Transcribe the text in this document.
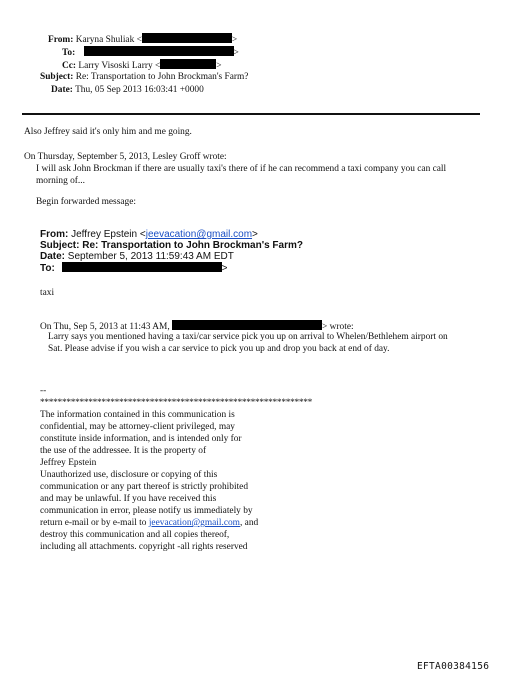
From: Karyna Shuliak <	>
To:	>
Cc: Larry Visoski Larry <	>
Subject: Re: Transportation to John Brockman's Farm?
Date: Thu, 05 Sep 2013 16:03:41 +0000
Also Jeffrey said it's only him and me going.
On Thursday, September 5, 2013, Lesley Groff wrote:
I will ask John Brockman if there are usually taxi's there of if he can recommend a taxi company you can call
morning of...
Begin forwarded message:
From: Jeffrey Epstein <jeevacation@gmail.com>
Subject: Re: Transportation to John Brockman's Farm?
Date: September 5, 2013 11:59:43 AM EDT
To:	>
taxi
On Thu, Sep 5, 2013 at 11:43 AM,	> wrote:
Larry says you mentioned having a taxi/car service pick you up on arrival to Whelen/Bethlehem airport on
Sat. Please advise if you wish a car service to pick you up and drop you back at end of day.
--
**************************************************************
The information contained in this communication is
confidential, may be attorney-client privileged, may
constitute inside information, and is intended only for
the use of the addressee. It is the property of
Jeffrey Epstein
Unauthorized use, disclosure or copying of this
communication or any part thereof is strictly prohibited
and may be unlawful. If you have received this
communication in error, please notify us immediately by
return e-mail or by e-mail to jeevacation@gmail.com, and
destroy this communication and all copies thereof,
including all attachments. copyright -all rights reserved
EFTA00384156
